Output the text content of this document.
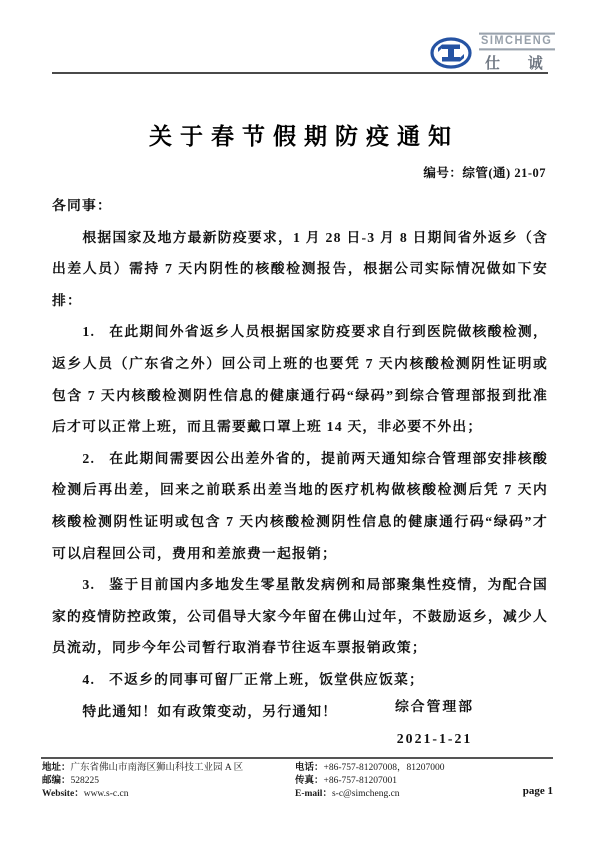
SIMCHENG
仕 诚
关于春节假期防疫通知
编号：综管(通) 21-07

各同事：

根据国家及地方最新防疫要求，1 月 28 日-3 月 8 日期间省外返乡（含出差人员）需持 7 天内阴性的核酸检测报告，根据公司实际情况做如下安排：

1. 在此期间外省返乡人员根据国家防疫要求自行到医院做核酸检测，返乡人员（广东省之外）回公司上班的也要凭 7 天内核酸检测阴性证明或包含 7 天内核酸检测阴性信息的健康通行码“绿码”到综合管理部报到批准后才可以正常上班，而且需要戴口罩上班 14 天，非必要不外出；

2. 在此期间需要因公出差外省的，提前两天通知综合管理部安排核酸检测后再出差，回来之前联系出差当地的医疗机构做核酸检测后凭 7 天内核酸检测阴性证明或包含 7 天内核酸检测阴性信息的健康通行码“绿码”才可以启程回公司，费用和差旅费一起报销；

3. 鉴于目前国内多地发生零星散发病例和局部聚集性疫情，为配合国家的疫情防控政策，公司倡导大家今年留在佛山过年，不鼓励返乡，减少人员流动，同步今年公司暂行取消春节往返车票报销政策；

4. 不返乡的同事可留厂正常上班，饭堂供应饭菜；

特此通知！如有政策变动，另行通知！	综合管理部
2021-1-21
地址：广东省佛山市南海区狮山科技工业园 A 区
邮编：528225
Website：www.s-c.cn
电话：+86-757-81207008，81207000
传真：+86-757-81207001
E-mail：s-c@simcheng.cn	page 1
